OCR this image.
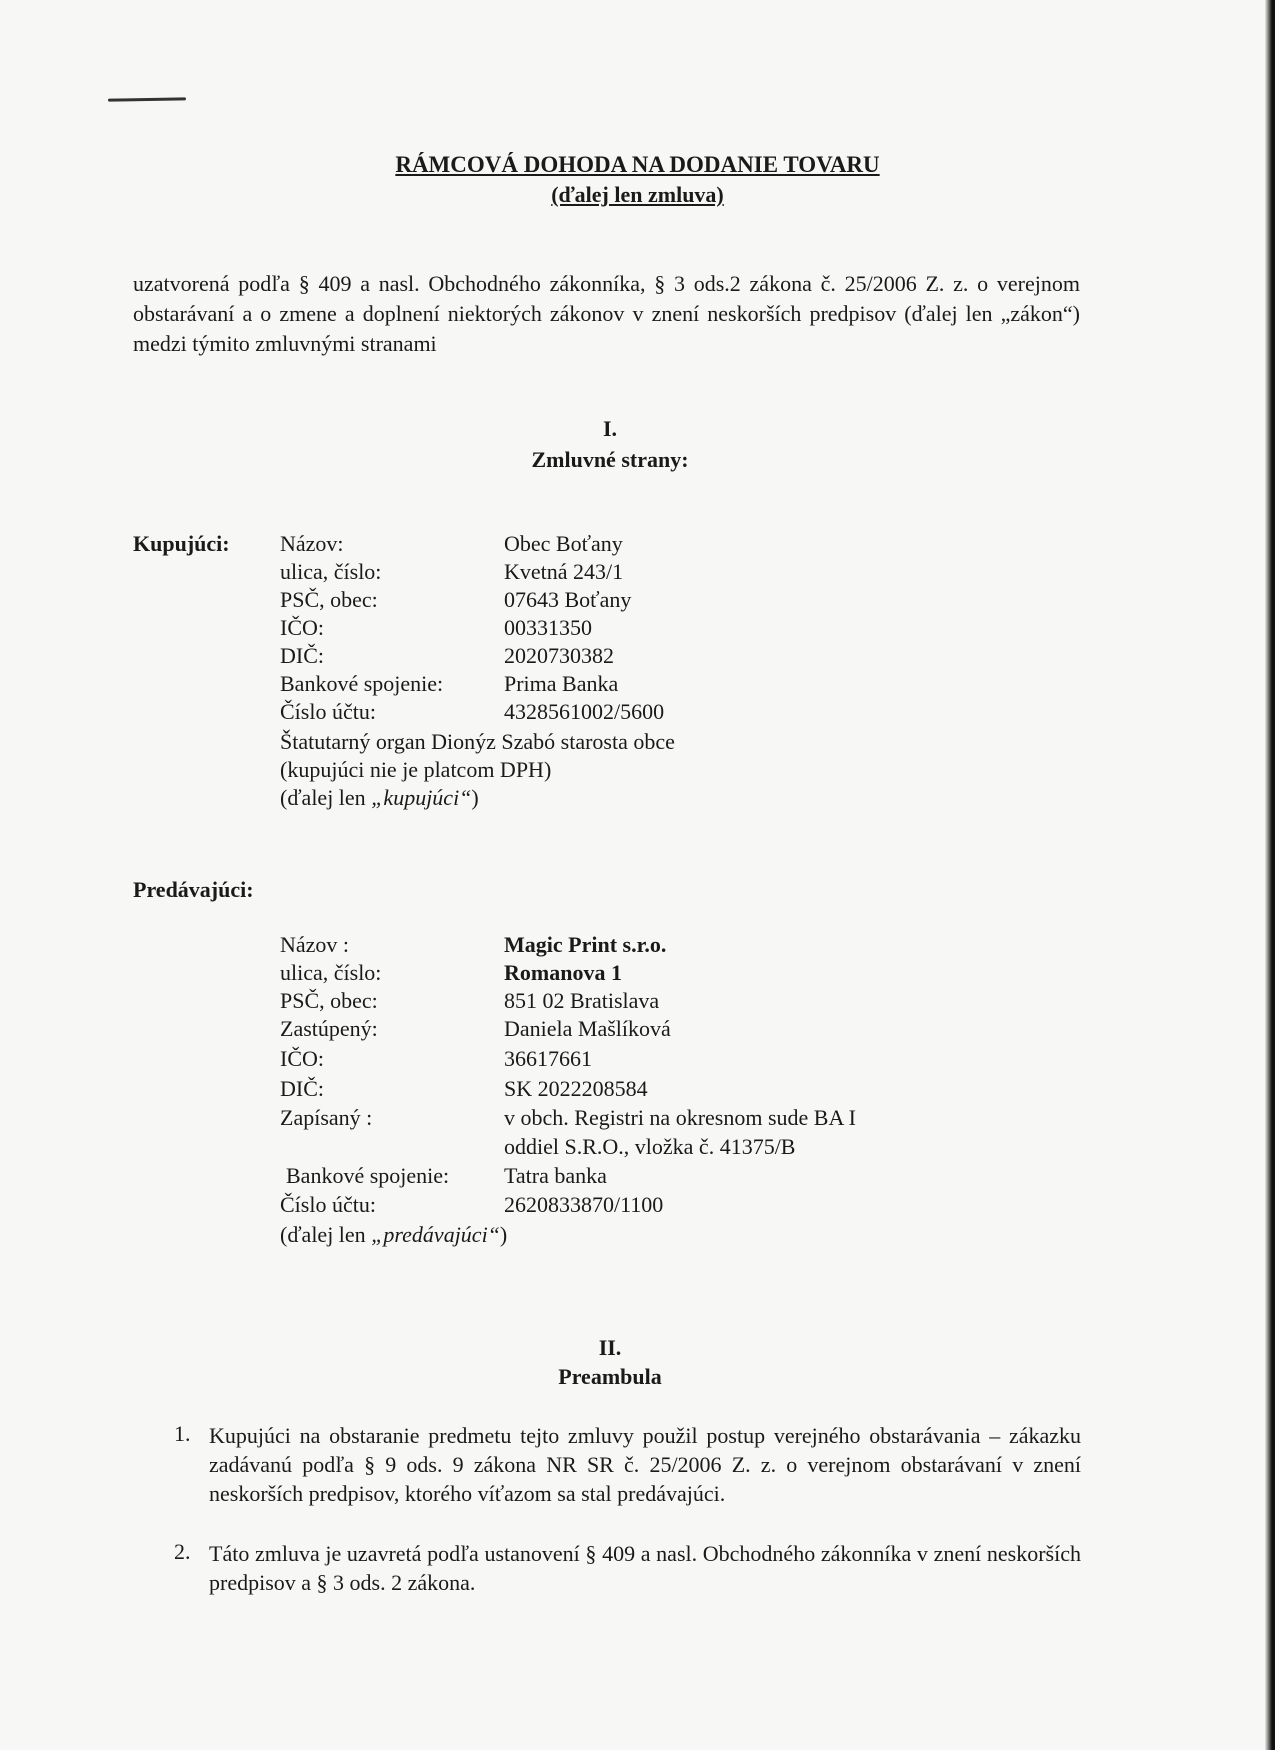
RÁMCOVÁ DOHODA NA DODANIE TOVARU
(ďalej len zmluva)
uzatvorená podľa § 409 a nasl. Obchodného zákonníka, § 3 ods.2 zákona č. 25/2006 Z. z. o verejnom obstarávaní a o zmene a doplnení niektorých zákonov v znení neskorších predpisov (ďalej len „zákon“) medzi týmito zmluvnými stranami
I.
Zmluvné strany:
Kupujúci: Názov:	Obec Boťany
ulica, číslo:	Kvetná 243/1
PSČ, obec:	07643 Boťany
IČO:	00331350
DIČ:	2020730382
Bankové spojenie:	Prima Banka
Číslo účtu:	4328561002/5600
Štatutarný organ Dionýz Szabó starosta obce
(kupujúci nie je platcom DPH)
(ďalej len „kupujúci“)
Predávajúci:
Názov :	Magic Print s.r.o.
ulica, číslo:	Romanova 1
PSČ, obec:	851 02 Bratislava
Zastúpený:	Daniela Mašlíková
IČO:	36617661
DIČ:	SK 2022208584
Zapísaný :	v obch. Registri na okresnom sude BA I
oddiel S.R.O., vložka č. 41375/B
Bankové spojenie: Tatra banka
Číslo účtu:	2620833870/1100
(ďalej len „predávajúci“)
II.
Preambula
1. Kupujúci na obstaranie predmetu tejto zmluvy použil postup verejného obstarávania – zákazku zadávanú podľa § 9 ods. 9 zákona NR SR č. 25/2006 Z. z. o verejnom obstarávaní v znení neskorších predpisov, ktorého víťazom sa stal predávajúci.
2. Táto zmluva je uzavretá podľa ustanovení § 409 a nasl. Obchodného zákonníka v znení neskorších predpisov a § 3 ods. 2 zákona.
